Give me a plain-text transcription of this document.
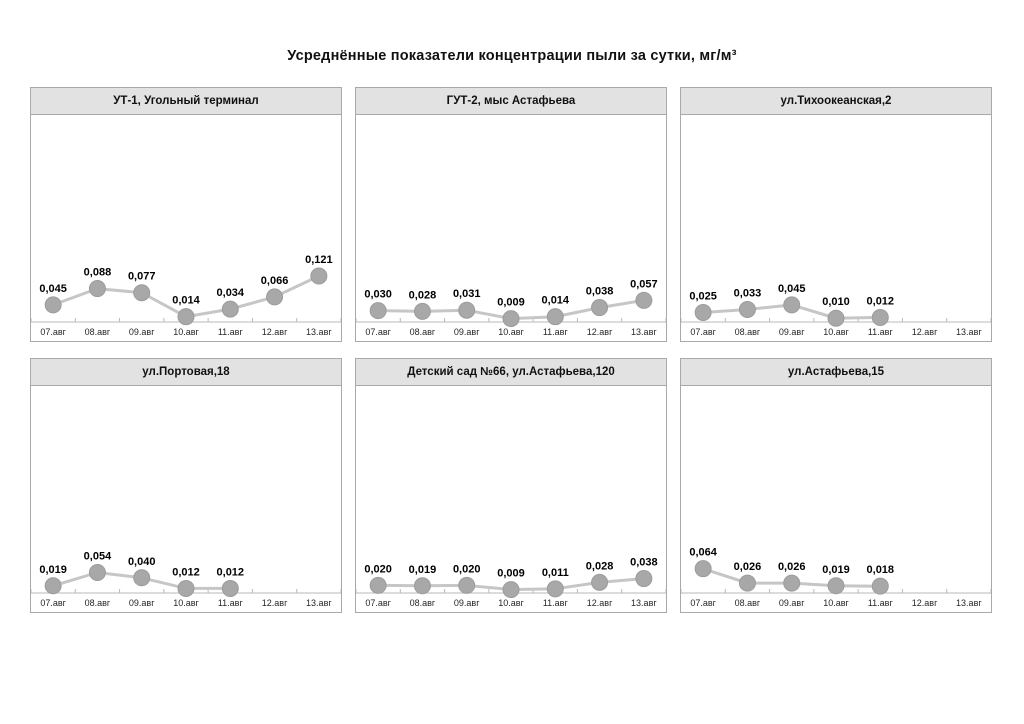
Усреднённые показатели концентрации пыли за сутки, мг/м³
УТ-1, Угольный терминал
07.авг 08.авг 09.авг 10.авг 11.авг 12.авг 13.авг
0,045
0,088 0,077
0,014
0,034
0,066
0,121
ГУТ-2, мыс Астафьева
07.авг 08.авг 09.авг 10.авг 11.авг 12.авг 13.авг
0,030 0,028 0,031
0,009 0,014
0,038
0,057
ул.Тихоокеанская,2
07.авг 08.авг 09.авг 10.авг 11.авг 12.авг 13.авг
0,025 0,033 0,045
0,010 0,012
ул.Портовая,18
07.авг 08.авг 09.авг 10.авг 11.авг 12.авг 13.авг
0,019
0,054 0,040
0,012 0,012
Детский сад №66, ул.Астафьева,120
07.авг 08.авг 09.авг 10.авг 11.авг 12.авг 13.авг
0,020 0,019 0,020 0,009 0,011
0,028 0,038
ул.Астафьева,15
07.авг 08.авг 09.авг 10.авг 11.авг 12.авг 13.авг
0,064
0,026 0,026 0,019 0,018
